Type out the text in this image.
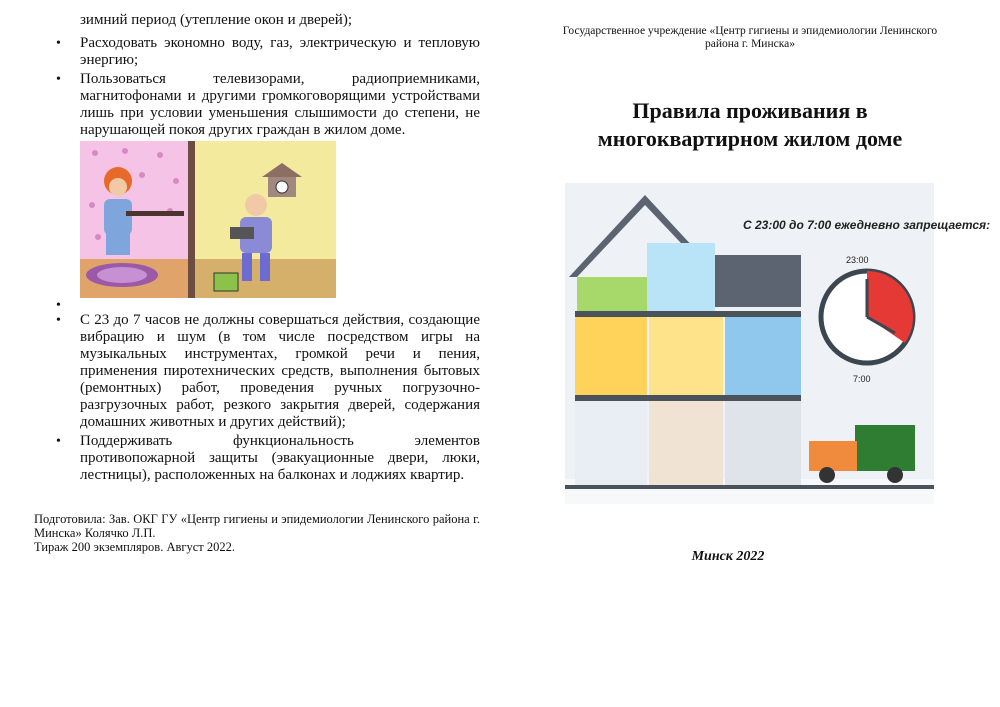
зимний период (утепление окон и дверей);

• Расходовать экономно воду, газ, электрическую и тепловую энергию;
• Пользоваться телевизорами, радиоприемниками, магнитофонами и другими громкоговорящими устройствами лишь при условии уменьшения слышимости до степени, не нарушающей покоя других граждан в жилом доме.
•
• С 23 до 7 часов не должны совершаться действия, создающие вибрацию и шум (в том числе посредством игры на музыкальных инструментах, громкой речи и пения, применения пиротехнических средств, выполнения бытовых (ремонтных) работ, проведения ручных погрузочно-разгрузочных работ, резкого закрытия дверей, содержания домашних животных и других действий);
• Поддерживать функциональность элементов противопожарной защиты (эвакуационные двери, люки, лестницы), расположенных на балконах и лоджиях квартир.

Подготовила: Зав. ОКГ ГУ «Центр гигиены и эпидемиологии Ленинского района г. Минска» Колячко Л.П.

Тираж 200 экземпляров. Август 2022.

Государственное учреждение «Центр гигиены и эпидемиологии Ленинского района г. Минска»
Правила проживания в многоквартирном жилом доме
С 23:00 до 7:00 ежедневно запрещается:
23:00
7:00
Минск 2022
